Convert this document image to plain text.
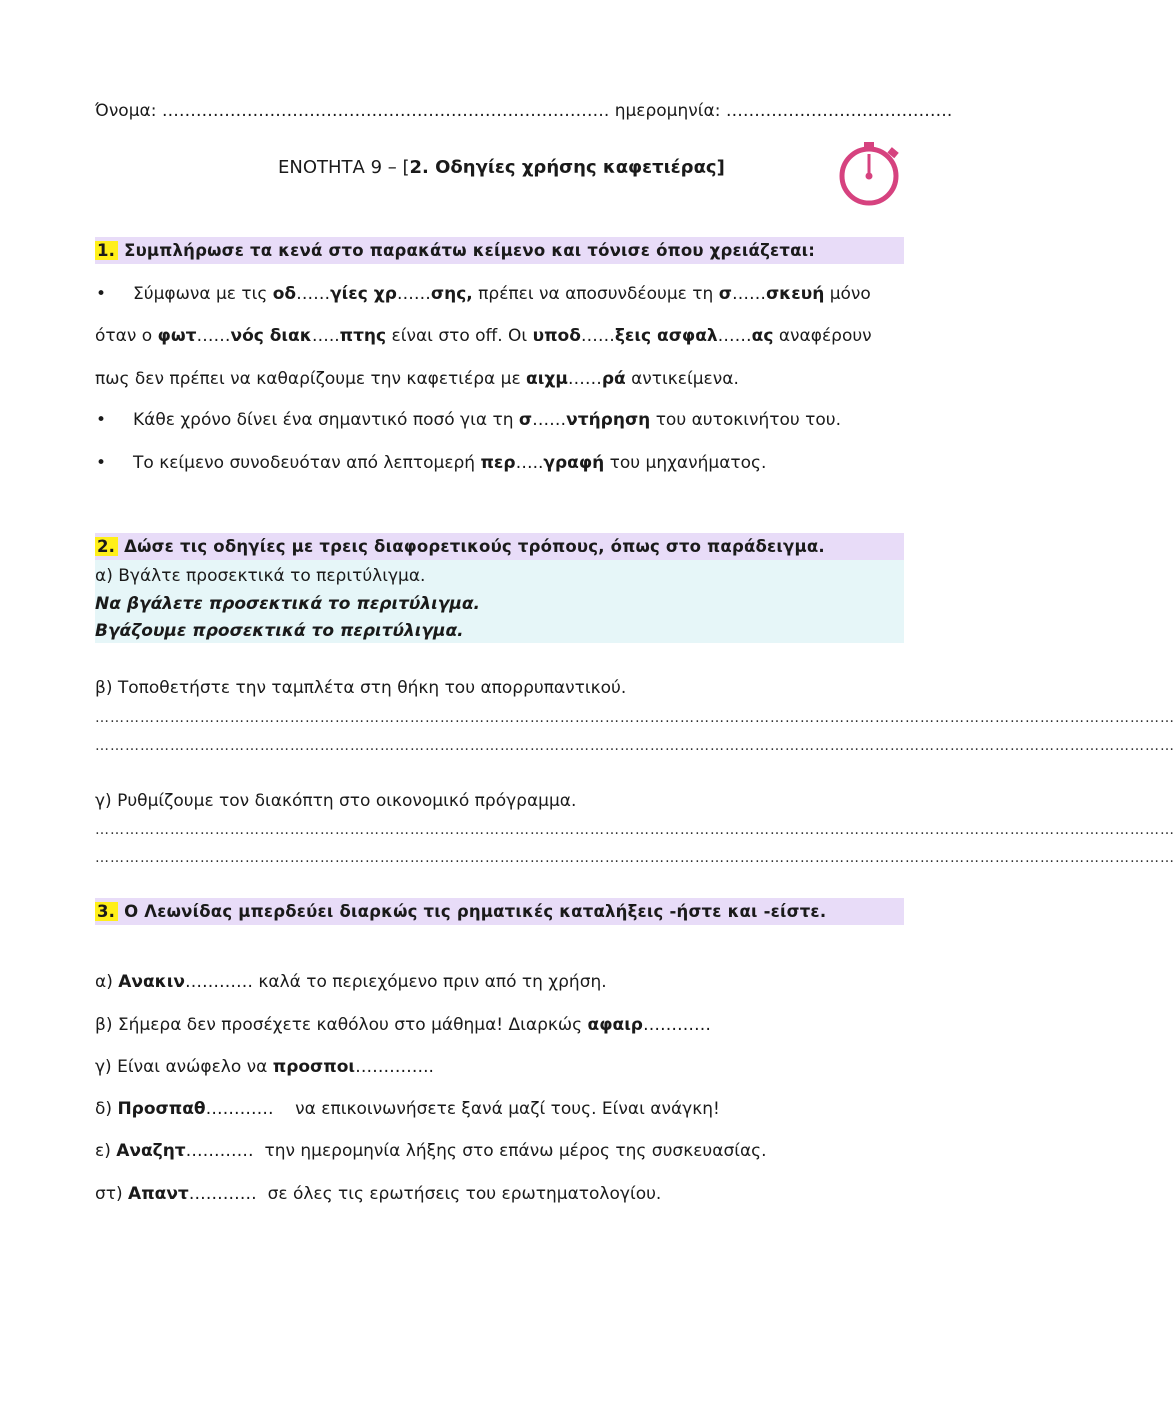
Όνομα: ……………………………………………………………………. ημερομηνία: ………………………………….
ΕΝΟΤΗΤΑ 9 – [2. Οδηγίες χρήσης καφετιέρας]
1. Συμπλήρωσε τα κενά στο παρακάτω κείμενο και τόνισε όπου χρειάζεται:
• Σύμφωνα με τις οδ……γίες χρ……σης, πρέπει να αποσυνδέουμε τη σ……σκευή μόνο
όταν ο φωτ……νός διακ…..πτης είναι στο off. Οι υποδ……ξεις ασφαλ……ας αναφέρουν
πως δεν πρέπει να καθαρίζουμε την καφετιέρα με αιχμ……ρά αντικείμενα.
• Κάθε χρόνο δίνει ένα σημαντικό ποσό για τη σ……ντήρηση του αυτοκινήτου του.
• Το κείμενο συνοδευόταν από λεπτομερή περ…..γραφή του μηχανήματος.
2. Δώσε τις οδηγίες με τρεις διαφορετικούς τρόπους, όπως στο παράδειγμα.
α) Βγάλτε προσεκτικά το περιτύλιγμα.
Να βγάλετε προσεκτικά το περιτύλιγμα.
Βγάζουμε προσεκτικά το περιτύλιγμα.
β) Τοποθετήστε την ταμπλέτα στη θήκη του απορρυπαντικού.
………………………………………………………………………………………………………………………………………………………………………………………………
………………………………………………………………………………………………………………………………………………………………………………………………
γ) Ρυθμίζουμε τον διακόπτη στο οικονομικό πρόγραμμα.
………………………………………………………………………………………………………………………………………………………………………………………………
………………………………………………………………………………………………………………………………………………………………………………………………
3. Ο Λεωνίδας μπερδεύει διαρκώς τις ρηματικές καταλήξεις -ήστε και -είστε.
α) Ανακιν………… καλά το περιεχόμενο πριν από τη χρήση.
β) Σήμερα δεν προσέχετε καθόλου στο μάθημα! Διαρκώς αφαιρ…………
γ) Είναι ανώφελο να προσποι…………..
δ) Προσπαθ…………    να επικοινωνήσετε ξανά μαζί τους. Είναι ανάγκη!
ε) Αναζητ…………  την ημερομηνία λήξης στο επάνω μέρος της συσκευασίας.
στ) Απαντ…………  σε όλες τις ερωτήσεις του ερωτηματολογίου.
